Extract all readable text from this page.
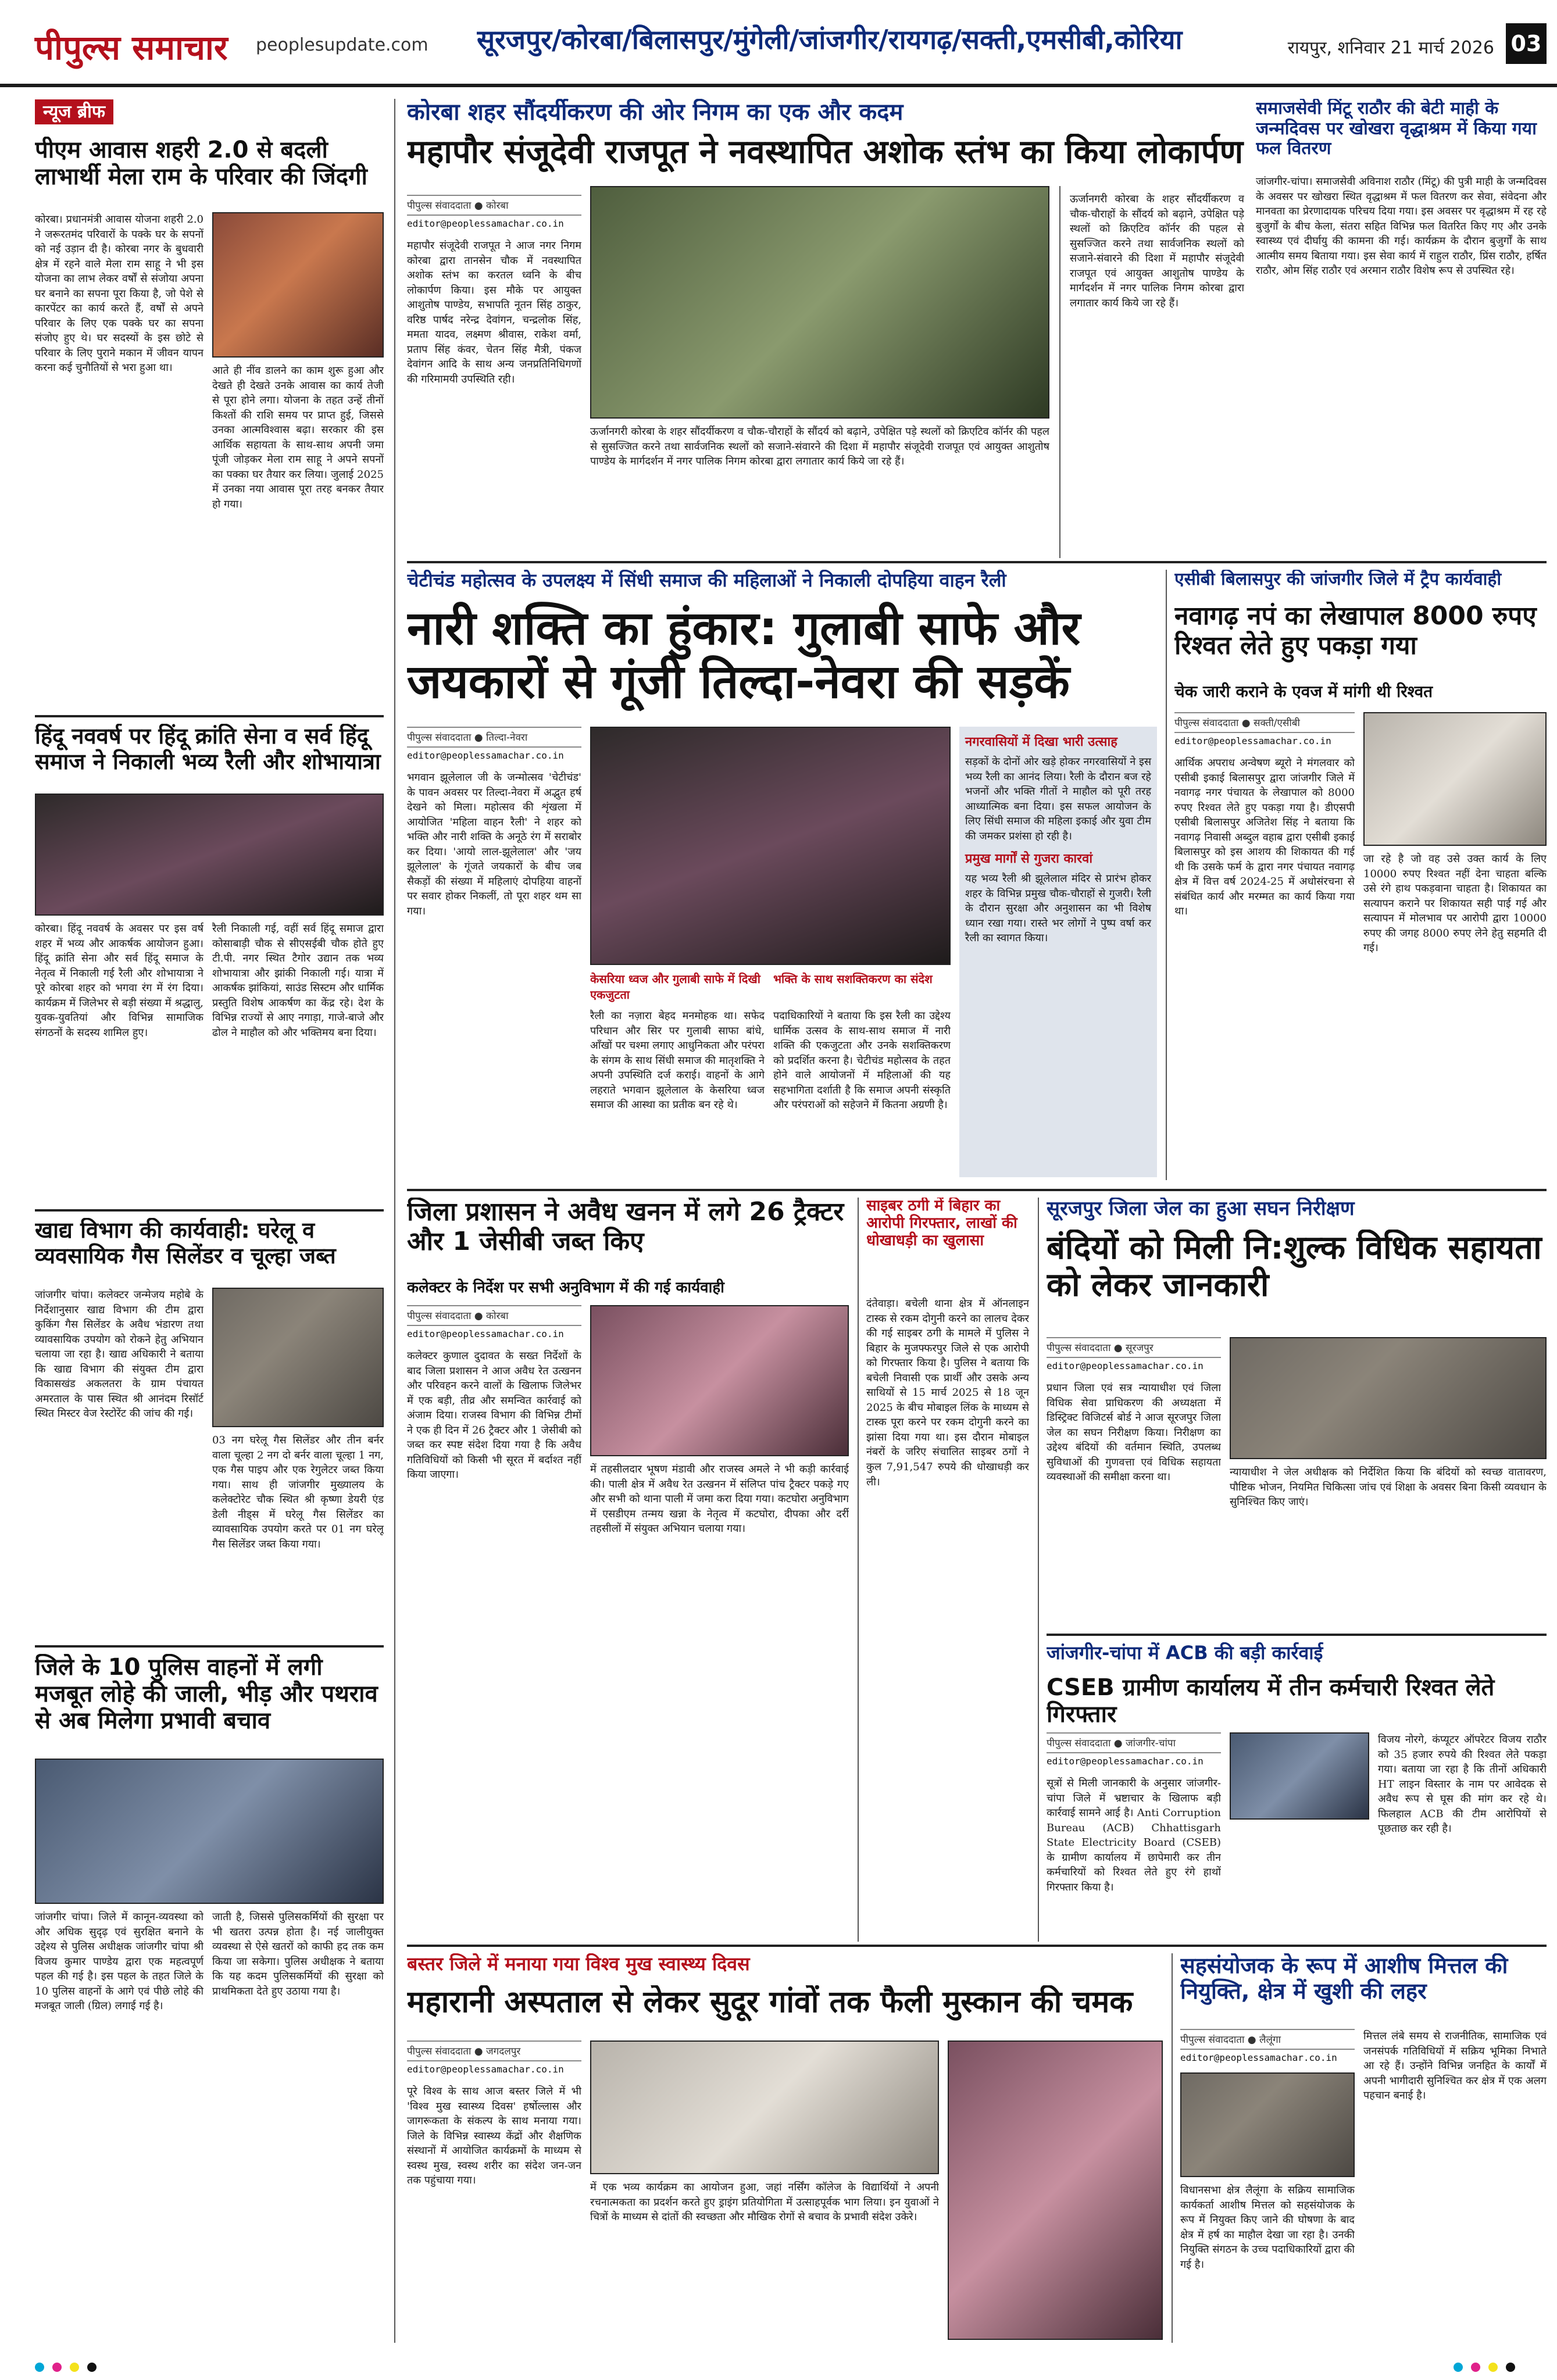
पीपुल्स समाचार peoplesupdate.com सूरजपुर/कोरबा/बिलासपुर/मुंगेली/जांजगीर/रायगढ़/सक्ती,एमसीबी,कोरिया	रायपुर, शनिवार 21 मार्च 2026 03
न्यूज ब्रीफ
पीएम आवास शहरी 2.0 से बदली लाभार्थी मेला राम के परिवार की जिंदगी
कोरबा। प्रधानमंत्री आवास योजना शहरी 2.0 ने जरूरतमंद परिवारों के पक्के घर के सपनों को नई उड़ान दी है। कोरबा नगर के बुधवारी क्षेत्र में रहने वाले मेला राम साहू ने भी इस योजना का लाभ लेकर वर्षों से संजोया अपना घर बनाने का सपना पूरा किया है, जो पेशे से कारपेंटर का कार्य करते हैं, वर्षों से अपने परिवार के लिए एक पक्के घर का सपना संजोए हुए थे। घर सदस्यों के इस छोटे से परिवार के लिए पुराने मकान में जीवन यापन करना कई चुनौतियों से भरा हुआ था।	आते ही नींव डालने का काम शुरू हुआ और देखते ही देखते उनके आवास का कार्य तेजी से पूरा होने लगा। योजना के तहत उन्हें तीनों किश्तों की राशि समय पर प्राप्त हुई, जिससे उनका आत्मविश्वास बढ़ा। सरकार की इस आर्थिक सहायता के साथ-साथ अपनी जमा पूंजी जोड़कर मेला राम साहू ने अपने सपनों का पक्का घर तैयार कर लिया। जुलाई 2025 में उनका नया आवास पूरा तरह बनकर तैयार हो गया।
हिंदू नववर्ष पर हिंदू क्रांति सेना व सर्व हिंदू समाज ने निकाली भव्य रैली और शोभायात्रा
कोरबा। हिंदू नववर्ष के अवसर पर इस वर्ष शहर में भव्य और आकर्षक आयोजन हुआ। हिंदू क्रांति सेना और सर्व हिंदू समाज के नेतृत्व में निकाली गई रैली और शोभायात्रा ने पूरे कोरबा शहर को भगवा रंग में रंग दिया। कार्यक्रम में जिलेभर से बड़ी संख्या में श्रद्धालु, युवक-युवतियां और विभिन्न सामाजिक संगठनों के सदस्य शामिल हुए।
रैली निकाली गई, वहीं सर्व हिंदू समाज द्वारा कोसाबाड़ी चौक से सीएसईबी चौक होते हुए टी.पी. नगर स्थित टैगोर उद्यान तक भव्य शोभायात्रा और झांकी निकाली गई। यात्रा में आकर्षक झांकियां, साउंड सिस्टम और धार्मिक प्रस्तुति विशेष आकर्षण का केंद्र रहे। देश के विभिन्न राज्यों से आए नगाड़ा, गाजे-बाजे और ढोल ने माहौल को और भक्तिमय बना दिया।
खाद्य विभाग की कार्यवाही: घरेलू व व्यवसायिक गैस सिलेंडर व चूल्हा जब्त
जांजगीर चांपा। कलेक्टर जन्मेजय महोबे के निर्देशानुसार खाद्य विभाग की टीम द्वारा कुकिंग गैस सिलेंडर के अवैध भंडारण तथा व्यावसायिक उपयोग को रोकने हेतु अभियान चलाया जा रहा है। खाद्य अधिकारी ने बताया कि खाद्य विभाग की संयुक्त टीम द्वारा विकासखंड अकलतरा के ग्राम पंचायत अमरताल के पास स्थित श्री आनंदम रिसॉर्ट स्थित मिस्टर वेज रेस्टोरेंट की जांच की गई।
03 नग घरेलू गैस सिलेंडर और तीन बर्नर वाला चूल्हा 2 नग दो बर्नर वाला चूल्हा 1 नग, एक गैस पाइप और एक रेगुलेटर जब्त किया गया। साथ ही जांजगीर मुख्यालय के कलेक्टोरेट चौक स्थित श्री कृष्णा डेयरी एंड डेली नीड्स में घरेलू गैस सिलेंडर का व्यावसायिक उपयोग करते पर 01 नग घरेलू गैस सिलेंडर जब्त किया गया।
जिले के 10 पुलिस वाहनों में लगी मजबूत लोहे की जाली, भीड़ और पथराव से अब मिलेगा प्रभावी बचाव
जांजगीर चांपा। जिले में कानून-व्यवस्था को और अधिक सुदृढ़ एवं सुरक्षित बनाने के उद्देश्य से पुलिस अधीक्षक जांजगीर चांपा श्री विजय कुमार पाण्डेय द्वारा एक महत्वपूर्ण पहल की गई है। इस पहल के तहत जिले के 10 पुलिस वाहनों के आगे एवं पीछे लोहे की मजबूत जाली (ग्रिल) लगाई गई है।
जाती है, जिससे पुलिसकर्मियों की सुरक्षा पर भी खतरा उत्पन्न होता है। नई जालीयुक्त व्यवस्था से ऐसे खतरों को काफी हद तक कम किया जा सकेगा। पुलिस अधीक्षक ने बताया कि यह कदम पुलिसकर्मियों की सुरक्षा को प्राथमिकता देते हुए उठाया गया है।
कोरबा शहर सौंदर्यीकरण की ओर निगम का एक और कदम
महापौर संजूदेवी राजपूत ने नवस्थापित अशोक स्तंभ का किया लोकार्पण
पीपुल्स संवाददाता ● कोरबा
editor@peoplessamachar.co.in
महापौर संजूदेवी राजपूत ने आज नगर निगम कोरबा द्वारा तानसेन चौक में नवस्थापित अशोक स्तंभ का करतल ध्वनि के बीच लोकार्पण किया। इस मौके पर आयुक्त आशुतोष पाण्डेय, सभापति नूतन सिंह ठाकुर, वरिष्ठ पार्षद नरेन्द्र देवांगन, चन्द्रलोक सिंह, ममता यादव, लक्ष्मण श्रीवास, राकेश वर्मा, प्रताप सिंह कंवर, चेतन सिंह मैत्री, पंकज देवांगन आदि के साथ अन्य जनप्रतिनिधिगणों की गरिमामयी उपस्थिति रही।
ऊर्जानगरी कोरबा के शहर सौंदर्यीकरण व चौक-चौराहों के सौंदर्य को बढ़ाने, उपेक्षित पड़े स्थलों को क्रिएटिव कॉर्नर की पहल से सुसज्जित करने तथा सार्वजनिक स्थलों को सजाने-संवारने की दिशा में महापौर संजूदेवी राजपूत एवं आयुक्त आशुतोष पाण्डेय के मार्गदर्शन में नगर पालिक निगम कोरबा द्वारा लगातार कार्य किये जा रहे हैं।
समाजसेवी मिंटू राठौर की बेटी माही के जन्मदिवस पर खोखरा वृद्धाश्रम में किया गया फल वितरण
जांजगीर-चांपा। समाजसेवी अविनाश राठौर (मिंटू) की पुत्री माही के जन्मदिवस के अवसर पर खोखरा स्थित वृद्धाश्रम में फल वितरण कर सेवा, संवेदना और मानवता का प्रेरणादायक परिचय दिया गया। इस अवसर पर वृद्धाश्रम में रह रहे बुजुर्गों के बीच केला, संतरा सहित विभिन्न फल वितरित किए गए और उनके स्वास्थ्य एवं दीर्घायु की कामना की गई। कार्यक्रम के दौरान बुजुर्गों के साथ आत्मीय समय बिताया गया। इस सेवा कार्य में राहुल राठौर, प्रिंस राठौर, हर्षित राठौर, ओम सिंह राठौर एवं अरमान राठौर विशेष रूप से उपस्थित रहे।
ऊर्जानगरी कोरबा के शहर सौंदर्यीकरण व चौक-चौराहों के सौंदर्य को बढ़ाने, उपेक्षित पड़े स्थलों को क्रिएटिव कॉर्नर की पहल से सुसज्जित करने तथा सार्वजनिक स्थलों को सजाने-संवारने की दिशा में महापौर संजूदेवी राजपूत एवं आयुक्त आशुतोष पाण्डेय के मार्गदर्शन में नगर पालिक निगम कोरबा द्वारा लगातार कार्य किये जा रहे हैं।
चेटीचंड महोत्सव के उपलक्ष्य में सिंधी समाज की महिलाओं ने निकाली दोपहिया वाहन रैली
नारी शक्ति का हुंकार: गुलाबी साफे और जयकारों से गूंजी तिल्दा-नेवरा की सड़कें
पीपुल्स संवाददाता ● तिल्दा-नेवरा
editor@peoplessamachar.co.in
भगवान झूलेलाल जी के जन्मोत्सव 'चेटीचंड' के पावन अवसर पर तिल्दा-नेवरा में अद्भुत हर्ष देखने को मिला। महोत्सव की शृंखला में आयोजित 'महिला वाहन रैली' ने शहर को भक्ति और नारी शक्ति के अनूठे रंग में सराबोर कर दिया। 'आयो लाल-झूलेलाल' और 'जय झूलेलाल' के गूंजते जयकारों के बीच जब सैकड़ों की संख्या में महिलाएं दोपहिया वाहनों पर सवार होकर निकलीं, तो पूरा शहर थम सा गया।
केसरिया ध्वज और गुलाबी साफे में दिखी एकजुटता
रैली का नज़ारा बेहद मनमोहक था। सफेद परिधान और सिर पर गुलाबी साफा बांधे, आँखों पर चश्मा लगाए आधुनिकता और परंपरा के संगम के साथ सिंधी समाज की मातृशक्ति ने अपनी उपस्थिति दर्ज कराई। वाहनों के आगे लहराते भगवान झूलेलाल के केसरिया ध्वज समाज की आस्था का प्रतीक बन रहे थे।
भक्ति के साथ सशक्तिकरण का संदेश
पदाधिकारियों ने बताया कि इस रैली का उद्देश्य धार्मिक उत्सव के साथ-साथ समाज में नारी शक्ति की एकजुटता और उनके सशक्तिकरण को प्रदर्शित करना है। चेटीचंड महोत्सव के तहत होने वाले आयोजनों में महिलाओं की यह सहभागिता दर्शाती है कि समाज अपनी संस्कृति और परंपराओं को सहेजने में कितना अग्रणी है।
नगरवासियों में दिखा भारी उत्साह
सड़कों के दोनों ओर खड़े होकर नगरवासियों ने इस भव्य रैली का आनंद लिया। रैली के दौरान बज रहे भजनों और भक्ति गीतों ने माहौल को पूरी तरह आध्यात्मिक बना दिया। इस सफल आयोजन के लिए सिंधी समाज की महिला इकाई और युवा टीम की जमकर प्रशंसा हो रही है।
प्रमुख मार्गों से गुजरा कारवां
यह भव्य रैली श्री झूलेलाल मंदिर से प्रारंभ होकर शहर के विभिन्न प्रमुख चौक-चौराहों से गुजरी। रैली के दौरान सुरक्षा और अनुशासन का भी विशेष ध्यान रखा गया। रास्ते भर लोगों ने पुष्प वर्षा कर रैली का स्वागत किया।
एसीबी बिलासपुर की जांजगीर जिले में ट्रैप कार्यवाही
नवागढ़ नपं का लेखापाल 8000 रुपए रिश्वत लेते हुए पकड़ा गया
चेक जारी कराने के एवज में मांगी थी रिश्वत
पीपुल्स संवाददाता ● सक्ती/एसीबी
editor@peoplessamachar.co.in
आर्थिक अपराध अन्वेषण ब्यूरो ने मंगलवार को एसीबी इकाई बिलासपुर द्वारा जांजगीर जिले में नवागढ़ नगर पंचायत के लेखापाल को 8000 रुपए रिश्वत लेते हुए पकड़ा गया है। डीएसपी एसीबी बिलासपुर अजितेश सिंह ने बताया कि नवागढ़ निवासी अब्दुल वहाब द्वारा एसीबी इकाई बिलासपुर को इस आशय की शिकायत की गई थी कि उसके फर्म के द्वारा नगर पंचायत नवागढ़ क्षेत्र में वित्त वर्ष 2024-25 में अधोसंरचना से संबंधित कार्य और मरम्मत का कार्य किया गया था।
जा रहे है जो वह उसे उक्त कार्य के लिए 10000 रुपए रिश्वत नहीं देना चाहता बल्कि उसे रंगे हाथ पकड़वाना चाहता है। शिकायत का सत्यापन कराने पर शिकायत सही पाई गई और सत्यापन में मोलभाव पर आरोपी द्वारा 10000 रुपए की जगह 8000 रुपए लेने हेतु सहमति दी गई।
जिला प्रशासन ने अवैध खनन में लगे 26 ट्रैक्टर और 1 जेसीबी जब्त किए
कलेक्टर के निर्देश पर सभी अनुविभाग में की गई कार्यवाही
पीपुल्स संवाददाता ● कोरबा
editor@peoplessamachar.co.in
कलेक्टर कुणाल दुदावत के सख्त निर्देशों के बाद जिला प्रशासन ने आज अवैध रेत उत्खनन और परिवहन करने वालों के खिलाफ जिलेभर में एक बड़ी, तीव्र और समन्वित कार्रवाई को अंजाम दिया। राजस्व विभाग की विभिन्न टीमों ने एक ही दिन में 26 ट्रैक्टर और 1 जेसीबी को जब्त कर स्पष्ट संदेश दिया गया है कि अवैध गतिविधियों को किसी भी सूरत में बर्दाश्त नहीं किया जाएगा।	में तहसीलदार भूषण मंडावी और राजस्व अमले ने भी कड़ी कार्रवाई की। पाली क्षेत्र में अवैध रेत उत्खनन में संलिप्त पांच ट्रैक्टर पकड़े गए और सभी को थाना पाली में जमा करा दिया गया। कटघोरा अनुविभाग में एसडीएम तन्मय खन्ना के नेतृत्व में कटघोरा, दीपका और दर्री तहसीलों में संयुक्त अभियान चलाया गया।
साइबर ठगी में बिहार का आरोपी गिरफ्तार, लाखों की धोखाधड़ी का खुलासा
दंतेवाड़ा। बचेली थाना क्षेत्र में ऑनलाइन टास्क से रकम दोगुनी करने का लालच देकर की गई साइबर ठगी के मामले में पुलिस ने बिहार के मुजफ्फरपुर जिले से एक आरोपी को गिरफ्तार किया है। पुलिस ने बताया कि बचेली निवासी एक प्रार्थी और उसके अन्य साथियों से 15 मार्च 2025 से 18 जून 2025 के बीच मोबाइल लिंक के माध्यम से टास्क पूरा करने पर रकम दोगुनी करने का झांसा दिया गया था। इस दौरान मोबाइल नंबरों के जरिए संचालित साइबर ठगों ने कुल 7,91,547 रुपये की धोखाधड़ी कर ली।
सूरजपुर जिला जेल का हुआ सघन निरीक्षण
बंदियों को मिली नि:शुल्क विधिक सहायता को लेकर जानकारी
पीपुल्स संवाददाता ● सूरजपुर
editor@peoplessamachar.co.in
प्रधान जिला एवं सत्र न्यायाधीश एवं जिला विधिक सेवा प्राधिकरण की अध्यक्षता में डिस्ट्रिक्ट विजिटर्स बोर्ड ने आज सूरजपुर जिला जेल का सघन निरीक्षण किया। निरीक्षण का उद्देश्य बंदियों की वर्तमान स्थिति, उपलब्ध सुविधाओं की गुणवत्ता एवं विधिक सहायता व्यवस्थाओं की समीक्षा करना था।	न्यायाधीश ने जेल अधीक्षक को निर्देशित किया कि बंदियों को स्वच्छ वातावरण, पौष्टिक भोजन, नियमित चिकित्सा जांच एवं शिक्षा के अवसर बिना किसी व्यवधान के सुनिश्चित किए जाएं।
जांजगीर-चांपा में ACB की बड़ी कार्रवाई
CSEB ग्रामीण कार्यालय में तीन कर्मचारी रिश्वत लेते गिरफ्तार
पीपुल्स संवाददाता ● जांजगीर-चांपा
editor@peoplessamachar.co.in
सूत्रों से मिली जानकारी के अनुसार जांजगीर-चांपा जिले में भ्रष्टाचार के खिलाफ बड़ी कार्रवाई सामने आई है। Anti Corruption Bureau (ACB) Chhattisgarh State Electricity Board (CSEB) के ग्रामीण कार्यालय में छापेमारी कर तीन कर्मचारियों को रिश्वत लेते हुए रंगे हाथों गिरफ्तार किया है।
विजय नोरगे, कंप्यूटर ऑपरेटर विजय राठौर को 35 हजार रुपये की रिश्वत लेते पकड़ा गया। बताया जा रहा है कि तीनों अधिकारी HT लाइन विस्तार के नाम पर आवेदक से अवैध रूप से घूस की मांग कर रहे थे। फिलहाल ACB की टीम आरोपियों से पूछताछ कर रही है।
बस्तर जिले में मनाया गया विश्व मुख स्वास्थ्य दिवस
महारानी अस्पताल से लेकर सुदूर गांवों तक फैली मुस्कान की चमक
पीपुल्स संवाददाता ● जगदलपुर
editor@peoplessamachar.co.in
पूरे विश्व के साथ आज बस्तर जिले में भी 'विश्व मुख स्वास्थ्य दिवस' हर्षोल्लास और जागरूकता के संकल्प के साथ मनाया गया। जिले के विभिन्न स्वास्थ्य केंद्रों और शैक्षणिक संस्थानों में आयोजित कार्यक्रमों के माध्यम से स्वस्थ मुख, स्वस्थ शरीर का संदेश जन-जन तक पहुंचाया गया।
में एक भव्य कार्यक्रम का आयोजन हुआ, जहां नर्सिंग कॉलेज के विद्यार्थियों ने अपनी रचनात्मकता का प्रदर्शन करते हुए ड्राइंग प्रतियोगिता में उत्साहपूर्वक भाग लिया। इन युवाओं ने चित्रों के माध्यम से दांतों की स्वच्छता और मौखिक रोगों से बचाव के प्रभावी संदेश उकेरे।
सहसंयोजक के रूप में आशीष मित्तल की नियुक्ति, क्षेत्र में खुशी की लहर
पीपुल्स संवाददाता ● लैलूंगा
editor@peoplessamachar.co.in
विधानसभा क्षेत्र लैलूंगा के सक्रिय सामाजिक कार्यकर्ता आशीष मित्तल को सहसंयोजक के रूप में नियुक्त किए जाने की घोषणा के बाद क्षेत्र में हर्ष का माहौल देखा जा रहा है। उनकी नियुक्ति संगठन के उच्च पदाधिकारियों द्वारा की गई है।
मित्तल लंबे समय से राजनीतिक, सामाजिक एवं जनसंपर्क गतिविधियों में सक्रिय भूमिका निभाते आ रहे हैं। उन्होंने विभिन्न जनहित के कार्यों में अपनी भागीदारी सुनिश्चित कर क्षेत्र में एक अलग पहचान बनाई है।
